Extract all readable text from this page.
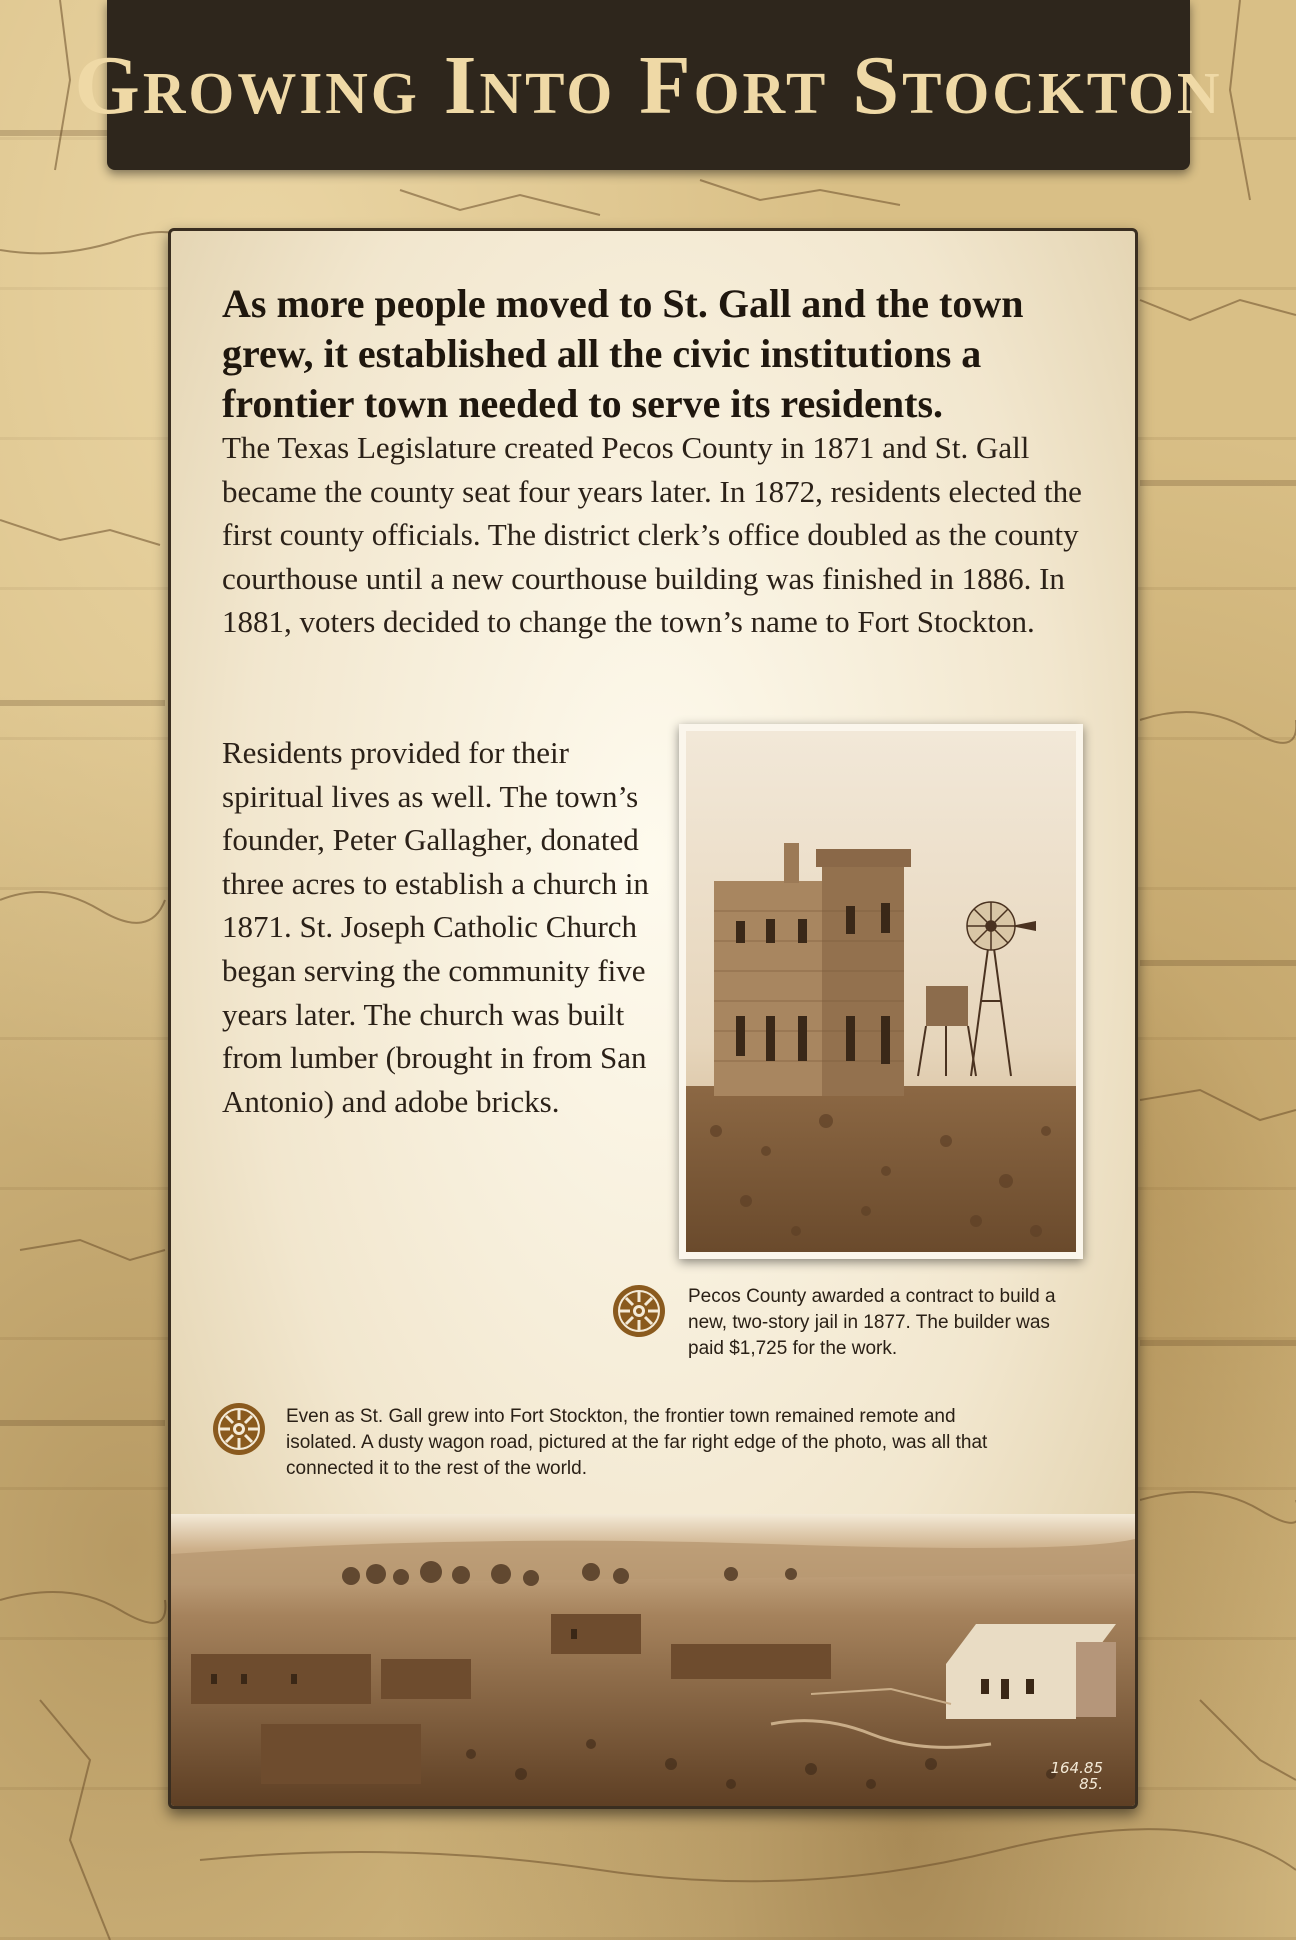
Growing Into Fort Stockton

As more people moved to St. Gall and the town grew, it established all the civic institutions a frontier town needed to serve its residents.

The Texas Legislature created Pecos County in 1871 and St. Gall became the county seat four years later. In 1872, residents elected the first county officials. The district clerk’s office doubled as the county courthouse until a new courthouse building was finished in 1886. In 1881, voters decided to change the town’s name to Fort Stockton.

Residents provided for their spiritual lives as well. The town’s founder, Peter Gallagher, donated three acres to establish a church in 1871. St. Joseph Catholic Church began serving the community five years later. The church was built from lumber (brought in from San Antonio) and adobe bricks.

Pecos County awarded a contract to build a new, two-story jail in 1877. The builder was paid $1,725 for the work.

Even as St. Gall grew into Fort Stockton, the frontier town remained remote and isolated. A dusty wagon road, pictured at the far right edge of the photo, was all that connected it to the rest of the world.

164.85
85.
